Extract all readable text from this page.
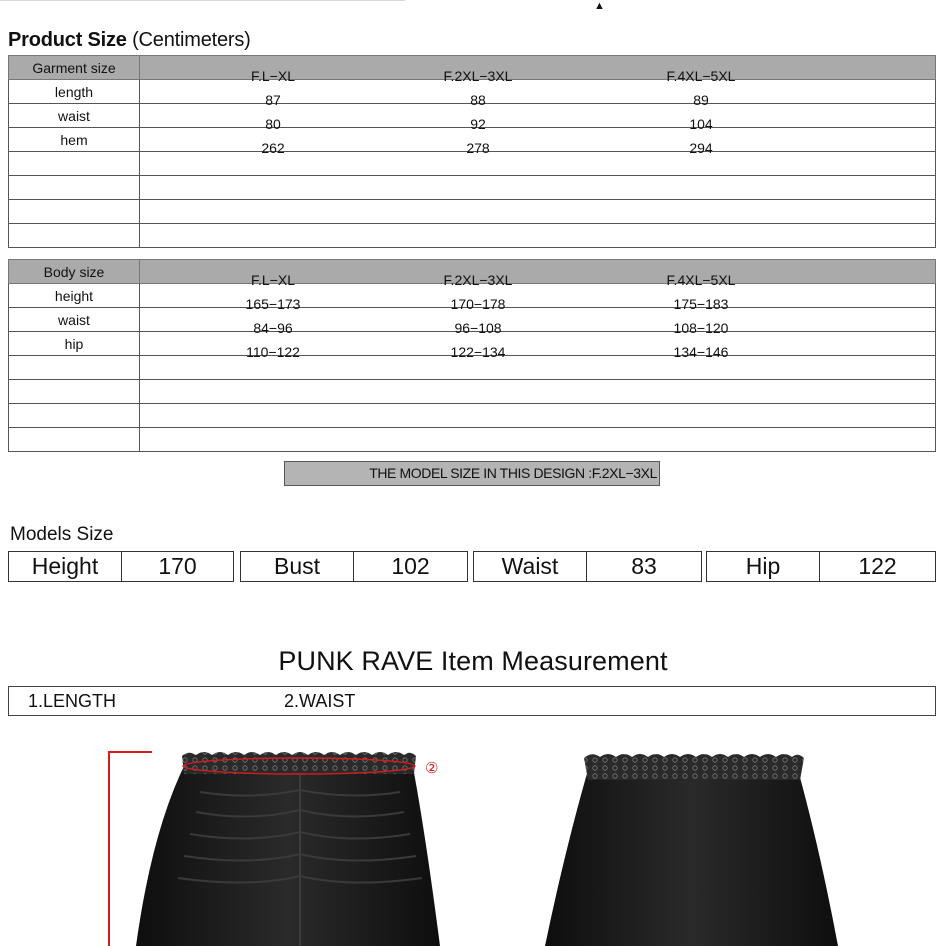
▲
Product Size (Centimeters)
Garment size	F.L−XL F.2XL−3XL F.4XL−5XL

length	87 88 89

waist	80 92 104

hem	262 278 294

Body size	F.L−XL F.2XL−3XL F.4XL−5XL

height	165−173 170−178 175−183

waist	84−96 96−108 108−120

hip	110−122 122−134 134−146

THE MODEL SIZE IN THIS DESIGN :F.2XL−3XL
Models Size
Height	170	Bust	102	Waist	83	Hip	122
PUNK RAVE Item Measurement
1.LENGTH	2.WAIST
②
